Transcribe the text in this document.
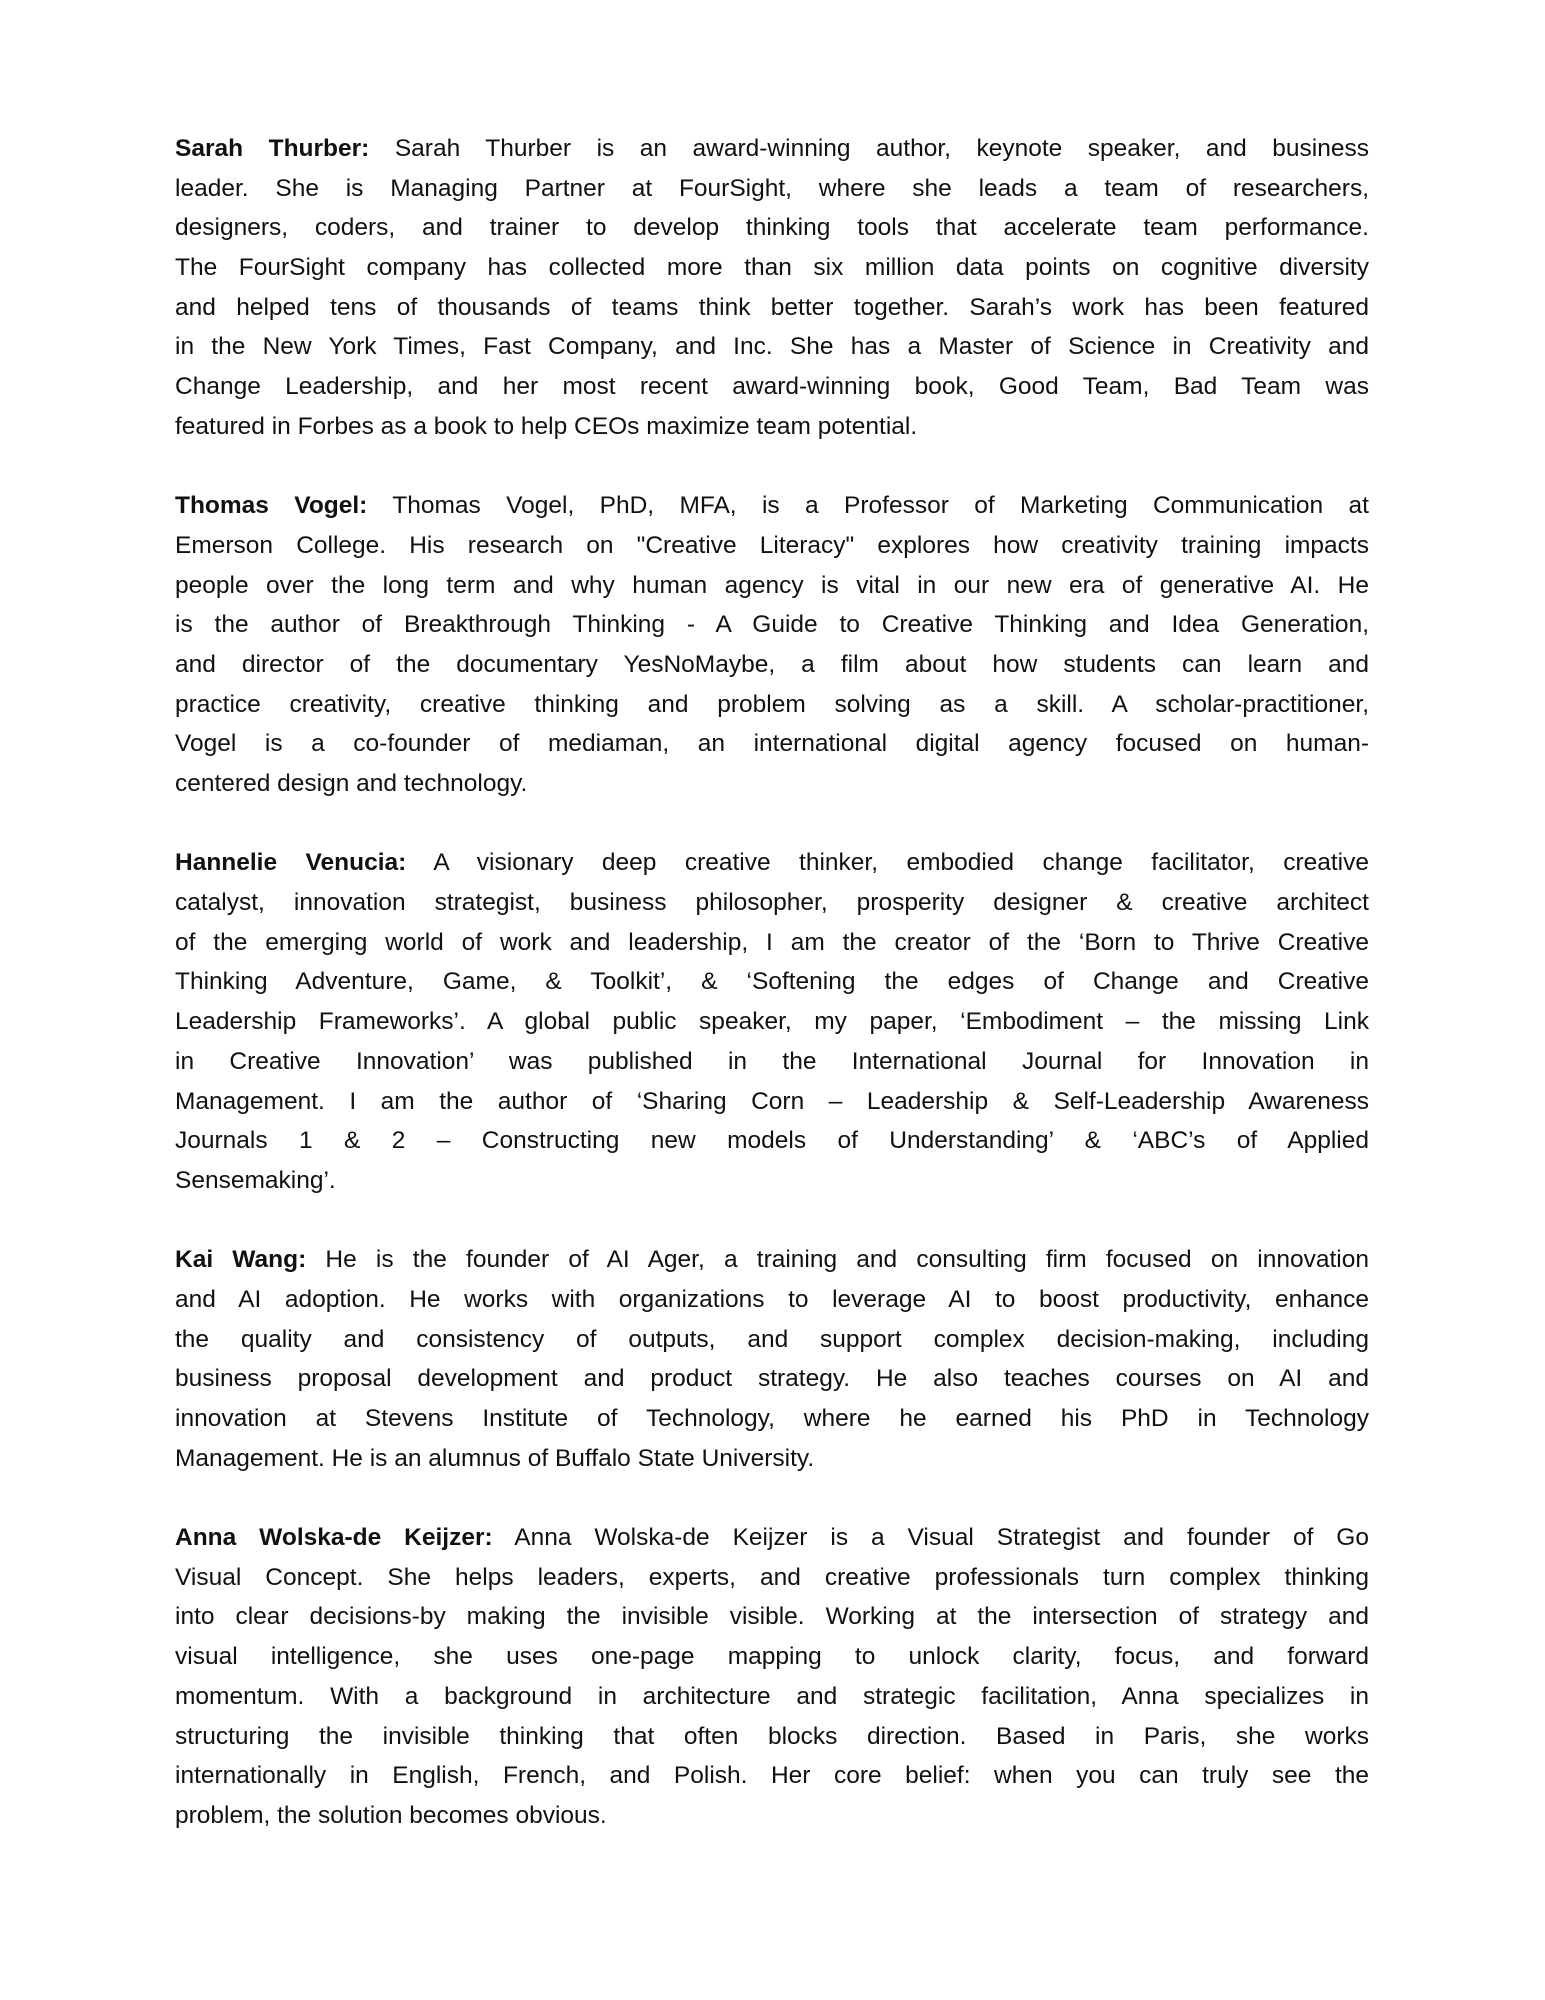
Sarah Thurber: Sarah Thurber is an award-winning author, keynote speaker, and business
leader. She is Managing Partner at FourSight, where she leads a team of researchers,
designers, coders, and trainer to develop thinking tools that accelerate team performance.
The FourSight company has collected more than six million data points on cognitive diversity
and helped tens of thousands of teams think better together. Sarah’s work has been featured
in the New York Times, Fast Company, and Inc. She has a Master of Science in Creativity and
Change Leadership, and her most recent award-winning book, Good Team, Bad Team was
featured in Forbes as a book to help CEOs maximize team potential.
Thomas Vogel: Thomas Vogel, PhD, MFA, is a Professor of Marketing Communication at
Emerson College. His research on "Creative Literacy" explores how creativity training impacts
people over the long term and why human agency is vital in our new era of generative AI. He
is the author of Breakthrough Thinking - A Guide to Creative Thinking and Idea Generation,
and director of the documentary YesNoMaybe, a film about how students can learn and
practice creativity, creative thinking and problem solving as a skill. A scholar-practitioner,
Vogel is a co-founder of mediaman, an international digital agency focused on human-
centered design and technology.
Hannelie Venucia: A visionary deep creative thinker, embodied change facilitator, creative
catalyst, innovation strategist, business philosopher, prosperity designer & creative architect
of the emerging world of work and leadership, I am the creator of the ‘Born to Thrive Creative
Thinking Adventure, Game, & Toolkit’, & ‘Softening the edges of Change and Creative
Leadership Frameworks’. A global public speaker, my paper, ‘Embodiment – the missing Link
in Creative Innovation’ was published in the International Journal for Innovation in
Management. I am the author of ‘Sharing Corn – Leadership & Self-Leadership Awareness
Journals 1 & 2 – Constructing new models of Understanding’ & ‘ABC’s of Applied
Sensemaking’.
Kai Wang: He is the founder of AI Ager, a training and consulting firm focused on innovation
and AI adoption. He works with organizations to leverage AI to boost productivity, enhance
the quality and consistency of outputs, and support complex decision-making, including
business proposal development and product strategy. He also teaches courses on AI and
innovation at Stevens Institute of Technology, where he earned his PhD in Technology
Management. He is an alumnus of Buffalo State University.
Anna Wolska-de Keijzer: Anna Wolska-de Keijzer is a Visual Strategist and founder of Go
Visual Concept. She helps leaders, experts, and creative professionals turn complex thinking
into clear decisions-by making the invisible visible. Working at the intersection of strategy and
visual intelligence, she uses one-page mapping to unlock clarity, focus, and forward
momentum. With a background in architecture and strategic facilitation, Anna specializes in
structuring the invisible thinking that often blocks direction. Based in Paris, she works
internationally in English, French, and Polish. Her core belief: when you can truly see the
problem, the solution becomes obvious.
